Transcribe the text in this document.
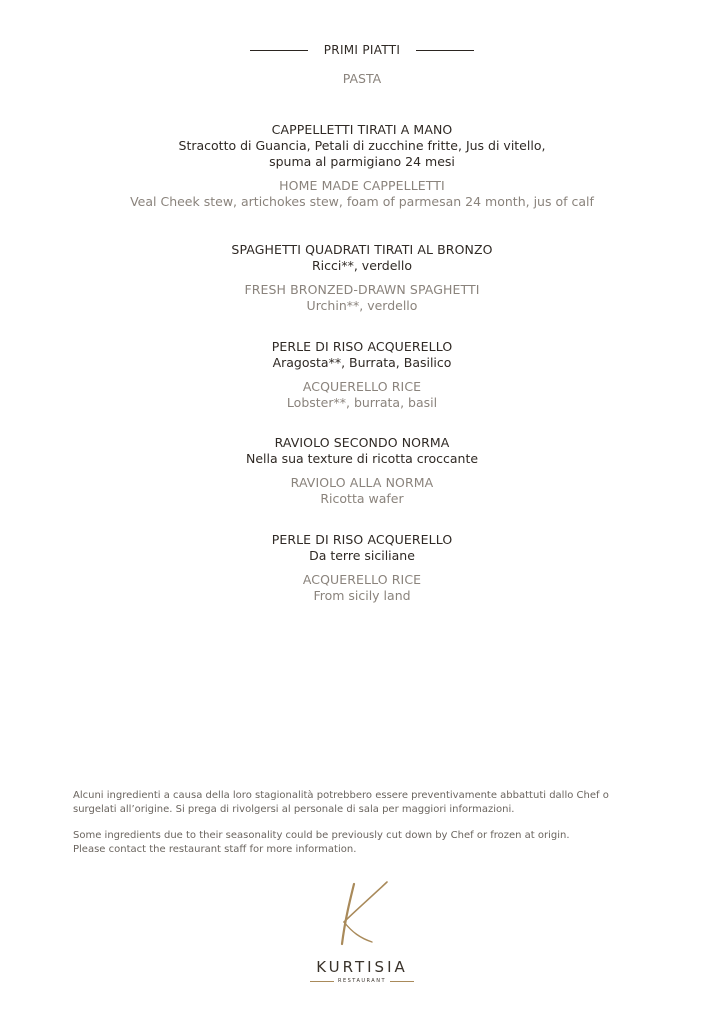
PRIMI PIATTI
PASTA
CAPPELLETTI TIRATI A MANO
Stracotto di Guancia, Petali di zucchine fritte, Jus di vitello,
spuma al parmigiano 24 mesi
HOME MADE CAPPELLETTI
Veal Cheek stew, artichokes stew, foam of parmesan 24 month, jus of calf
SPAGHETTI QUADRATI TIRATI AL BRONZO
Ricci**, verdello
FRESH BRONZED-DRAWN SPAGHETTI
Urchin**, verdello
PERLE DI RISO ACQUERELLO
Aragosta**, Burrata, Basilico
ACQUERELLO RICE
Lobster**, burrata, basil
RAVIOLO SECONDO NORMA
Nella sua texture di ricotta croccante
RAVIOLO ALLA NORMA
Ricotta wafer
PERLE DI RISO ACQUERELLO
Da terre siciliane
ACQUERELLO RICE
From sicily land
Alcuni ingredienti a causa della loro stagionalità potrebbero essere preventivamente abbattuti dallo Chef o
surgelati all’origine. Si prega di rivolgersi al personale di sala per maggiori informazioni.
Some ingredients due to their seasonality could be previously cut down by Chef or frozen at origin.
Please contact the restaurant staff for more information.
KURTISIA
RESTAURANT
